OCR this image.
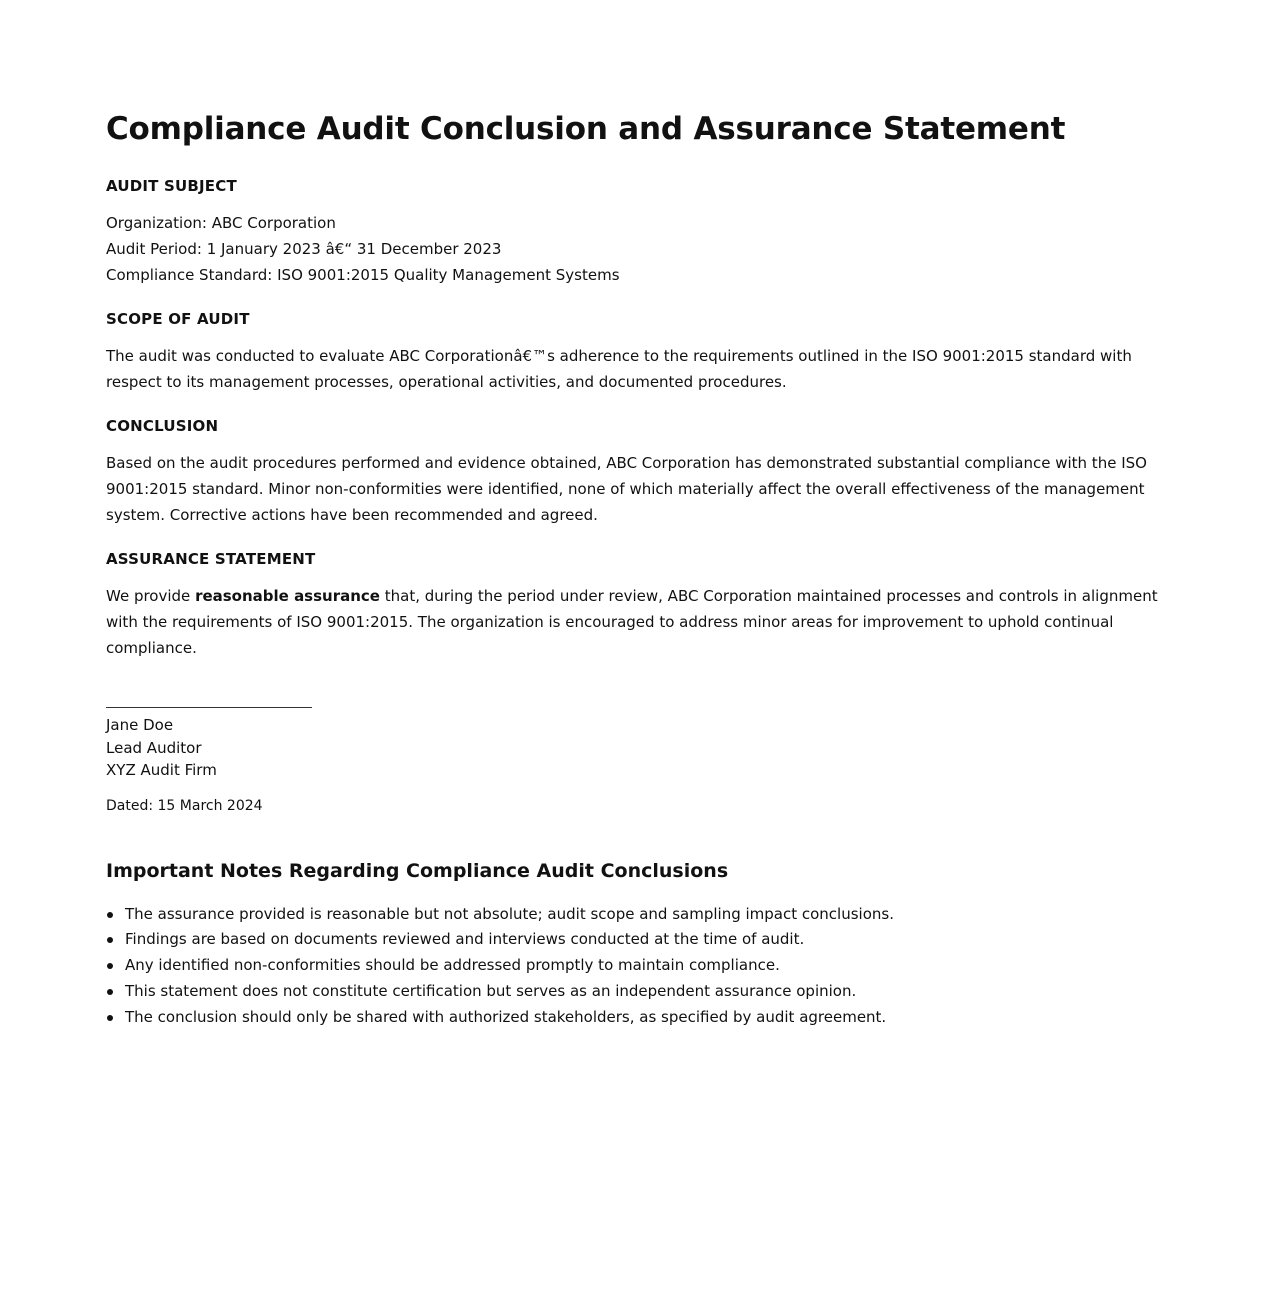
Compliance Audit Conclusion and Assurance Statement
AUDIT SUBJECT
Organization: ABC Corporation
Audit Period: 1 January 2023 â€“ 31 December 2023
Compliance Standard: ISO 9001:2015 Quality Management Systems
SCOPE OF AUDIT

The audit was conducted to evaluate ABC Corporationâ€™s adherence to the requirements outlined in the ISO 9001:2015 standard with respect to its management processes, operational activities, and documented procedures.

CONCLUSION

Based on the audit procedures performed and evidence obtained, ABC Corporation has demonstrated substantial compliance with the ISO 9001:2015 standard. Minor non-conformities were identified, none of which materially affect the overall effectiveness of the management system. Corrective actions have been recommended and agreed.

ASSURANCE STATEMENT

We provide reasonable assurance that, during the period under review, ABC Corporation maintained processes and controls in alignment with the requirements of ISO 9001:2015. The organization is encouraged to address minor areas for improvement to uphold continual compliance.

Jane Doe
Lead Auditor
XYZ Audit Firm
Dated: 15 March 2024
Important Notes Regarding Compliance Audit Conclusions
The assurance provided is reasonable but not absolute; audit scope and sampling impact conclusions.
Findings are based on documents reviewed and interviews conducted at the time of audit.
Any identified non-conformities should be addressed promptly to maintain compliance.
This statement does not constitute certification but serves as an independent assurance opinion.
The conclusion should only be shared with authorized stakeholders, as specified by audit agreement.
